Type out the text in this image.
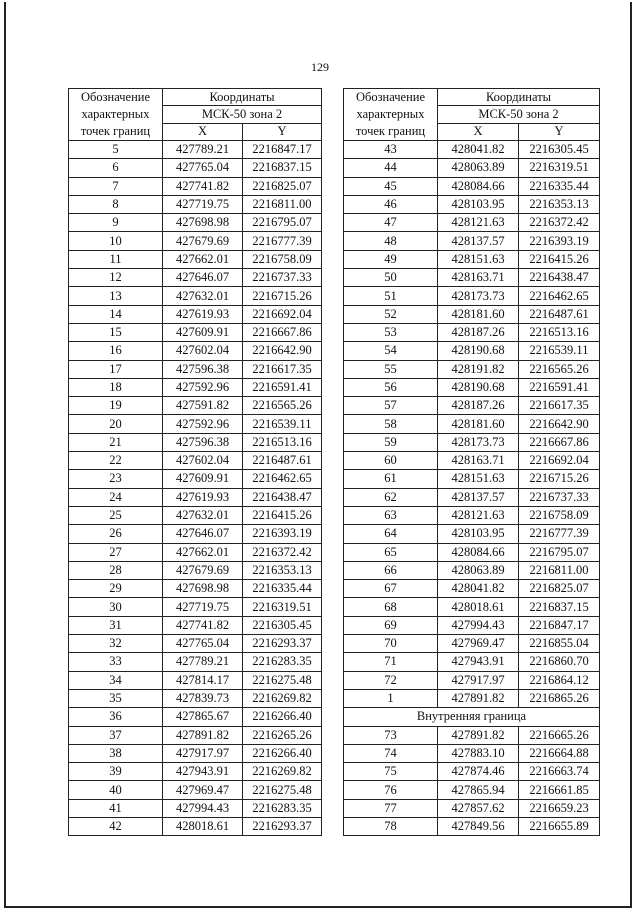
129
Обозначение
характерных
точек границ	Координаты	
	МСК-50 зона 2	
	X	Y
5	427789.21	2216847.17
6	427765.04	2216837.15
7	427741.82	2216825.07
8	427719.75	2216811.00
9	427698.98	2216795.07
10	427679.69	2216777.39
11	427662.01	2216758.09
12	427646.07	2216737.33
13	427632.01	2216715.26
14	427619.93	2216692.04
15	427609.91	2216667.86
16	427602.04	2216642.90
17	427596.38	2216617.35
18	427592.96	2216591.41
19	427591.82	2216565.26
20	427592.96	2216539.11
21	427596.38	2216513.16
22	427602.04	2216487.61
23	427609.91	2216462.65
24	427619.93	2216438.47
25	427632.01	2216415.26
26	427646.07	2216393.19
27	427662.01	2216372.42
28	427679.69	2216353.13
29	427698.98	2216335.44
30	427719.75	2216319.51
31	427741.82	2216305.45
32	427765.04	2216293.37
33	427789.21	2216283.35
34	427814.17	2216275.48
35	427839.73	2216269.82
36	427865.67	2216266.40
37	427891.82	2216265.26
38	427917.97	2216266.40
39	427943.91	2216269.82
40	427969.47	2216275.48
41	427994.43	2216283.35
42	428018.61	2216293.37
Обозначение
характерных
точек границ	Координаты	
	МСК-50 зона 2	
	X	Y
43	428041.82	2216305.45
44	428063.89	2216319.51
45	428084.66	2216335.44
46	428103.95	2216353.13
47	428121.63	2216372.42
48	428137.57	2216393.19
49	428151.63	2216415.26
50	428163.71	2216438.47
51	428173.73	2216462.65
52	428181.60	2216487.61
53	428187.26	2216513.16
54	428190.68	2216539.11
55	428191.82	2216565.26
56	428190.68	2216591.41
57	428187.26	2216617.35
58	428181.60	2216642.90
59	428173.73	2216667.86
60	428163.71	2216692.04
61	428151.63	2216715.26
62	428137.57	2216737.33
63	428121.63	2216758.09
64	428103.95	2216777.39
65	428084.66	2216795.07
66	428063.89	2216811.00
67	428041.82	2216825.07
68	428018.61	2216837.15
69	427994.43	2216847.17
70	427969.47	2216855.04
71	427943.91	2216860.70
72	427917.97	2216864.12
1	427891.82	2216865.26
Внутренняя граница		
73	427891.82	2216665.26
74	427883.10	2216664.88
75	427874.46	2216663.74
76	427865.94	2216661.85
77	427857.62	2216659.23
78	427849.56	2216655.89
